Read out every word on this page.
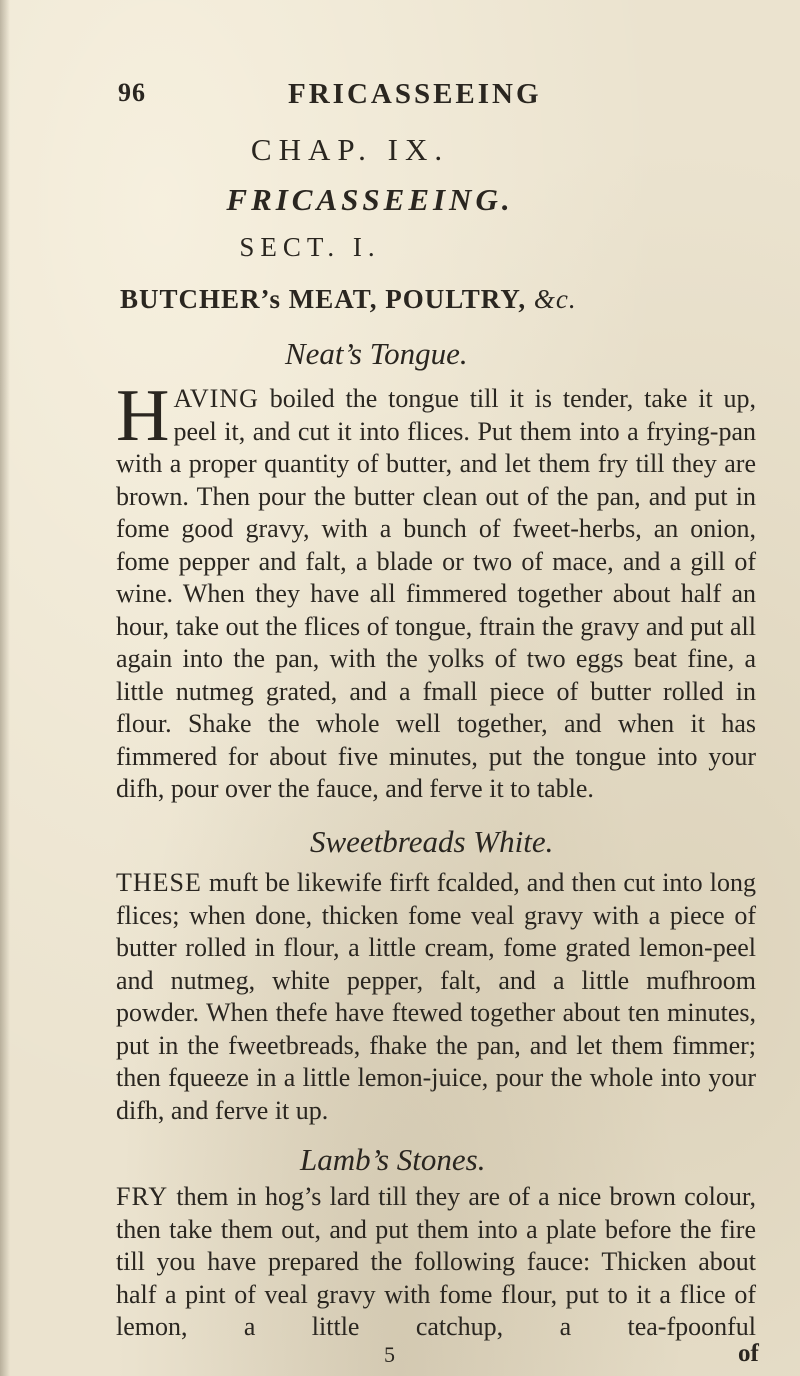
96	FRICASSEEING
CHAP. IX.
FRICASSEEING.
SECT. I.
BUTCHER’s MEAT, POULTRY, &c.
Neat’s Tongue.

HAVING boiled the tongue till it is tender, take it up, peel it, and cut it into flices. Put them into a frying-pan with a proper quantity of butter, and let them fry till they are brown. Then pour the butter clean out of the pan, and put in fome good gravy, with a bunch of fweet-herbs, an onion, fome pepper and falt, a blade or two of mace, and a gill of wine. When they have all fimmered together about half an hour, take out the flices of tongue, ftrain the gravy and put all again into the pan, with the yolks of two eggs beat fine, a little nutmeg grated, and a fmall piece of butter rolled in flour. Shake the whole well together, and when it has fimmered for about five minutes, put the tongue into your difh, pour over the fauce, and ferve it to table.

Sweetbreads White.

THESE muft be likewife firft fcalded, and then cut into long flices; when done, thicken fome veal gravy with a piece of butter rolled in flour, a little cream, fome grated lemon-peel and nutmeg, white pepper, falt, and a little mufhroom powder. When thefe have ftewed together about ten minutes, put in the fweetbreads, fhake the pan, and let them fimmer; then fqueeze in a little lemon-juice, pour the whole into your difh, and ferve it up.

Lamb’s Stones.

FRY them in hog’s lard till they are of a nice brown colour, then take them out, and put them into a plate before the fire till you have prepared the following fauce: Thicken about half a pint of veal gravy with fome flour, put to it a flice of lemon, a little catchup, a tea-fpoonful

5	of
